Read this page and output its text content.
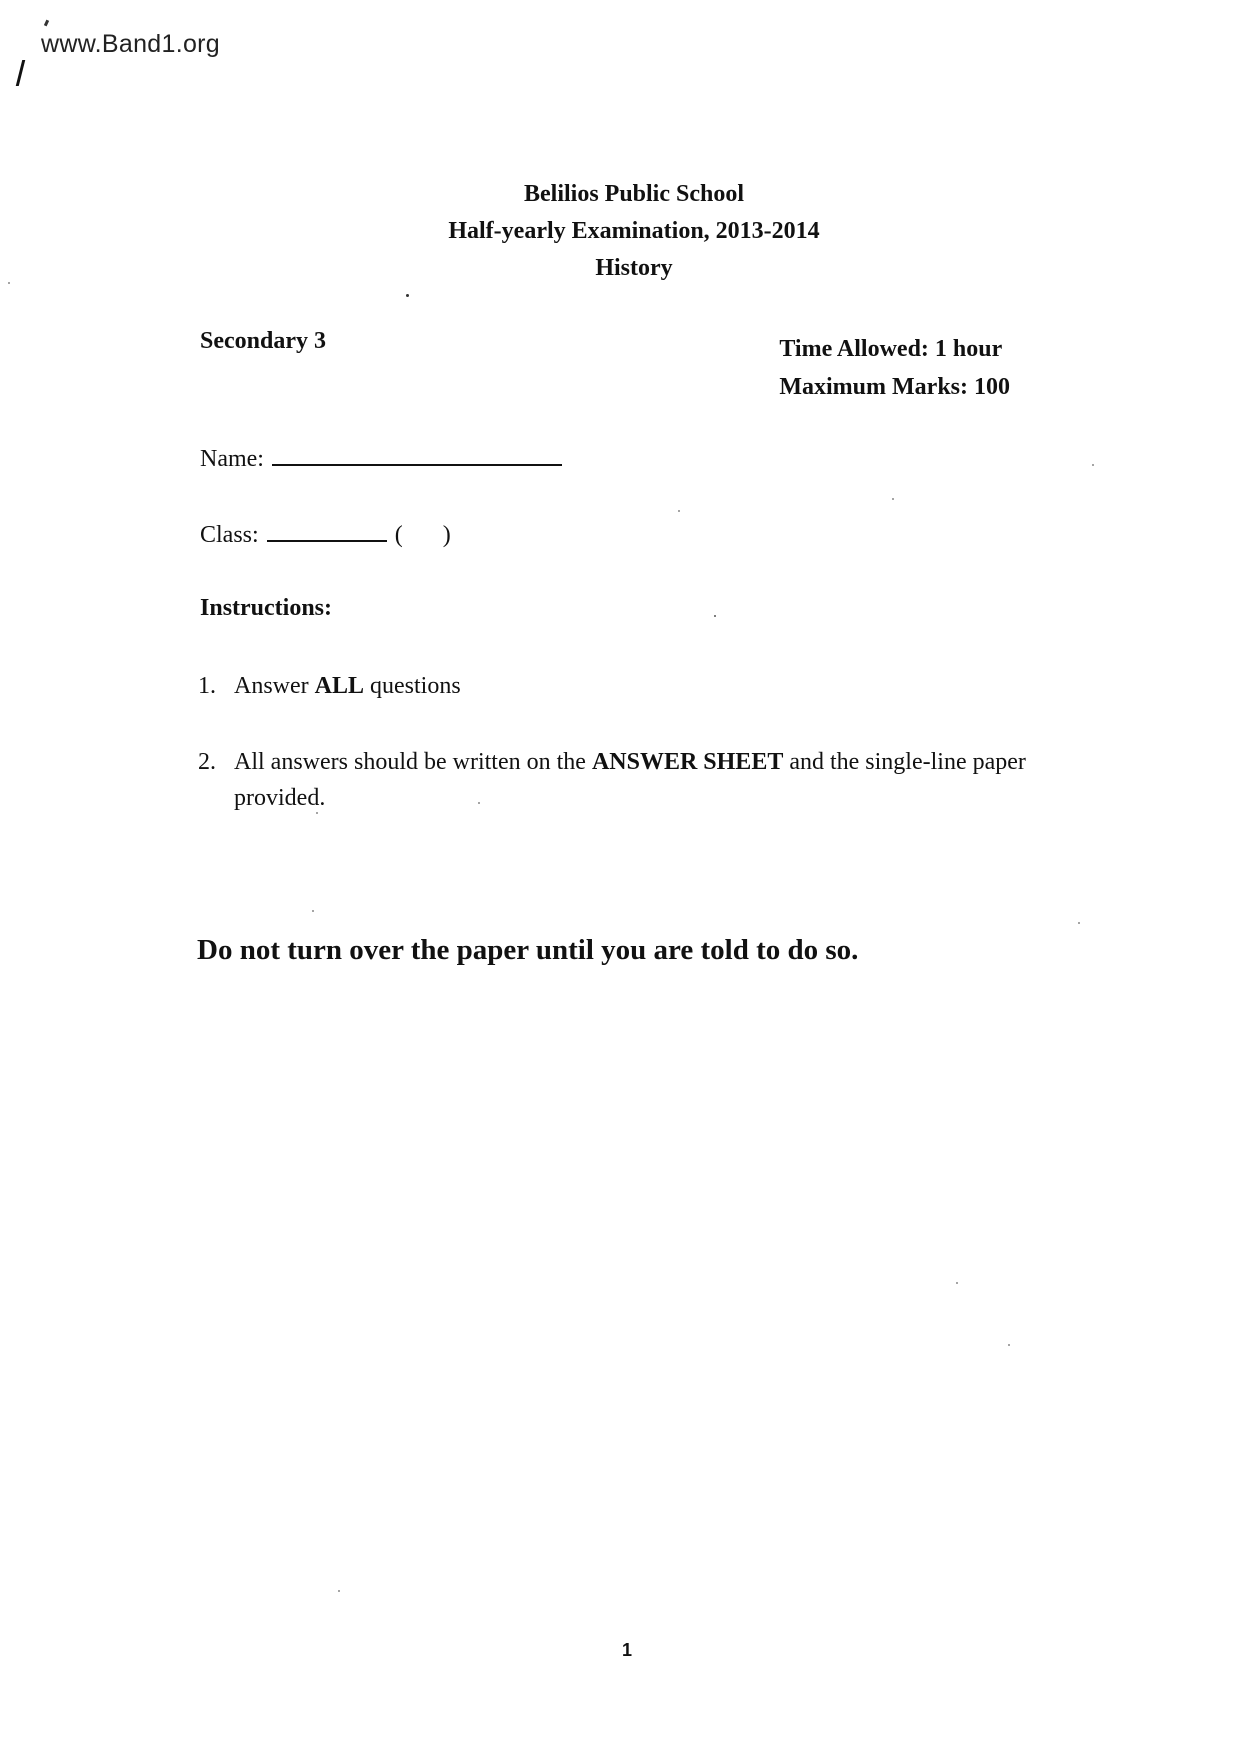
www.Band1.org
Belilios Public School
Half-yearly Examination, 2013-2014
History
Secondary 3	Time Allowed: 1 hour
Maximum Marks: 100
Name:
Class:	( )
Instructions:
1. Answer ALL questions
2. All answers should be written on the ANSWER SHEET and the single-line paper
provided.
Do not turn over the paper until you are told to do so.
1
